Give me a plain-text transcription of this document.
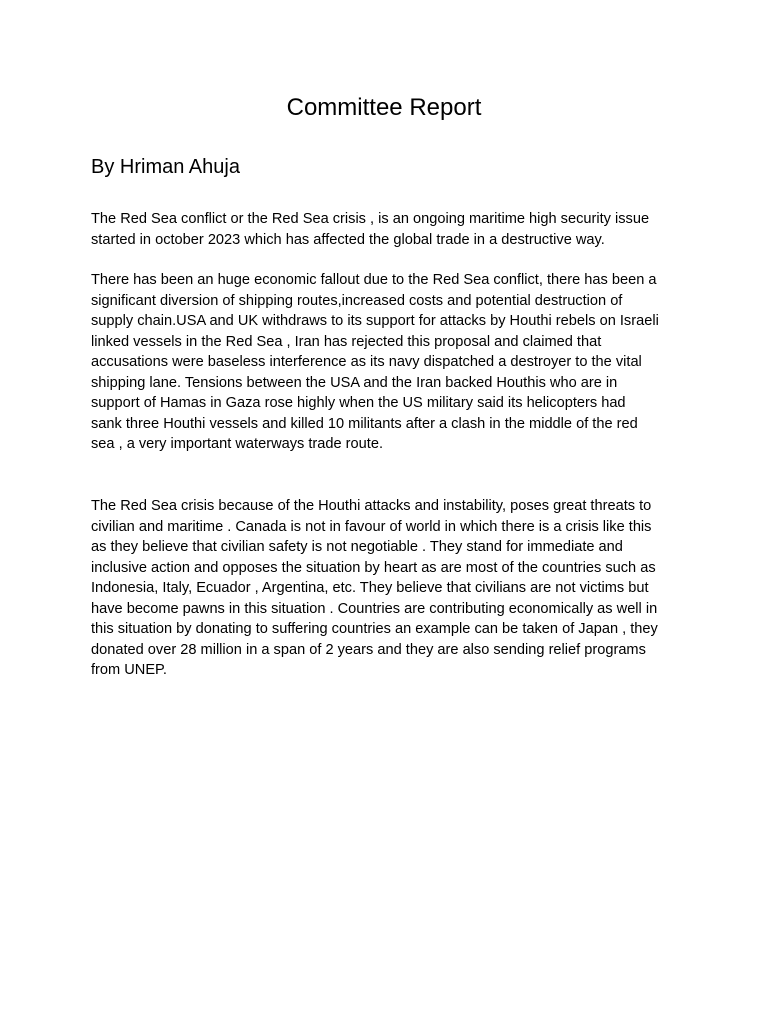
Committee Report
By Hriman Ahuja

The Red Sea conflict or the Red Sea crisis , is an ongoing maritime high security issue
started in october 2023 which has affected the global trade in a destructive way.

There has been an huge economic fallout due to the Red Sea conflict, there has been a
significant diversion of shipping routes,increased costs and potential destruction of
supply chain.USA and UK withdraws to its support for attacks by Houthi rebels on Israeli
linked vessels in the Red Sea , Iran has rejected this proposal and claimed that
accusations were baseless interference as its navy dispatched a destroyer to the vital
shipping lane. Tensions between the USA and the Iran backed Houthis who are in
support of Hamas in Gaza rose highly when the US military said its helicopters had
sank three Houthi vessels and killed 10 militants after a clash in the middle of the red
sea , a very important waterways trade route.

The Red Sea crisis because of the Houthi attacks and instability, poses great threats to
civilian and maritime . Canada is not in favour of world in which there is a crisis like this
as they believe that civilian safety is not negotiable . They stand for immediate and
inclusive action and opposes the situation by heart as are most of the countries such as
Indonesia, Italy, Ecuador , Argentina, etc. They believe that civilians are not victims but
have become pawns in this situation . Countries are contributing economically as well in
this situation by donating to suffering countries an example can be taken of Japan , they
donated over 28 million in a span of 2 years and they are also sending relief programs
from UNEP.
